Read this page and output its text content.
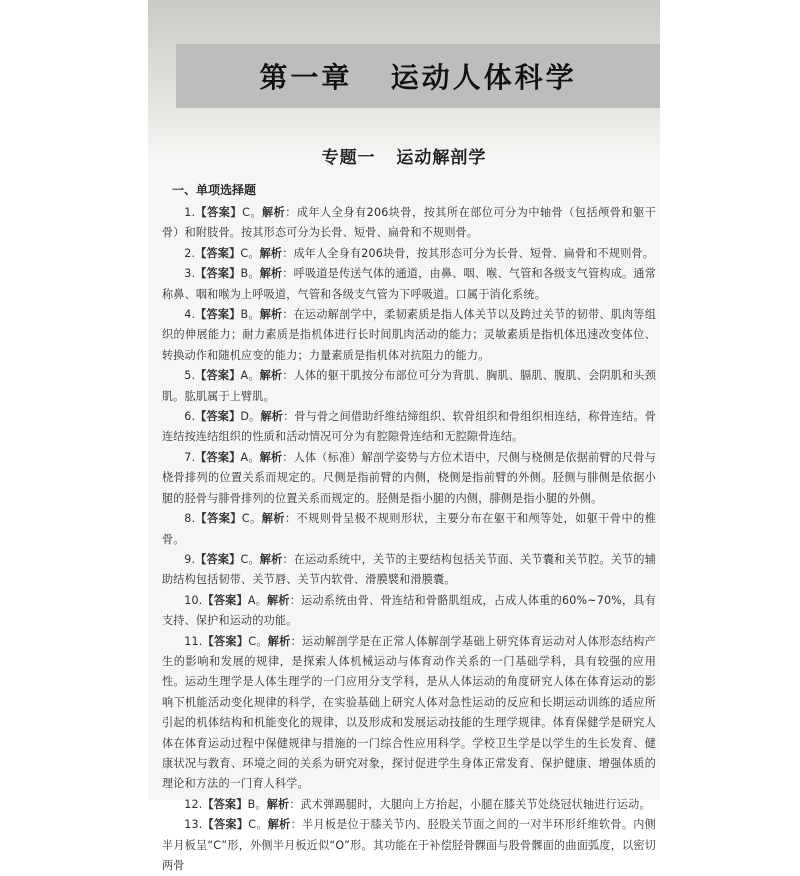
第一章   运动人体科学
专题一   运动解剖学
一、单项选择题

1.【答案】C。解析：成年人全身有206块骨，按其所在部位可分为中轴骨（包括颅骨和躯干骨）和附肢骨。按其形态可分为长骨、短骨、扁骨和不规则骨。

2.【答案】C。解析：成年人全身有206块骨，按其形态可分为长骨、短骨、扁骨和不规则骨。

3.【答案】B。解析：呼吸道是传送气体的通道，由鼻、咽、喉、气管和各级支气管构成。通常称鼻、咽和喉为上呼吸道，气管和各级支气管为下呼吸道。口属于消化系统。

4.【答案】B。解析：在运动解剖学中，柔韧素质是指人体关节以及跨过关节的韧带、肌肉等组织的伸展能力；耐力素质是指机体进行长时间肌肉活动的能力；灵敏素质是指机体迅速改变体位、转换动作和随机应变的能力；力量素质是指机体对抗阻力的能力。

5.【答案】A。解析：人体的躯干肌按分布部位可分为背肌、胸肌、膈肌、腹肌、会阴肌和头颈肌。肱肌属于上臂肌。

6.【答案】D。解析：骨与骨之间借助纤维结缔组织、软骨组织和骨组织相连结，称骨连结。骨连结按连结组织的性质和活动情况可分为有腔隙骨连结和无腔隙骨连结。

7.【答案】A。解析：人体（标准）解剖学姿势与方位术语中，尺侧与桡侧是依据前臂的尺骨与桡骨排列的位置关系而规定的。尺侧是指前臂的内侧，桡侧是指前臂的外侧。胫侧与腓侧是依据小腿的胫骨与腓骨排列的位置关系而规定的。胫侧是指小腿的内侧，腓侧是指小腿的外侧。

8.【答案】C。解析：不规则骨呈极不规则形状，主要分布在躯干和颅等处，如躯干骨中的椎骨。

9.【答案】C。解析：在运动系统中，关节的主要结构包括关节面、关节囊和关节腔。关节的辅助结构包括韧带、关节唇、关节内软骨、滑膜襞和滑膜囊。

10.【答案】A。解析：运动系统由骨、骨连结和骨骼肌组成，占成人体重的60%~70%，具有支持、保护和运动的功能。

11.【答案】C。解析：运动解剖学是在正常人体解剖学基础上研究体育运动对人体形态结构产生的影响和发展的规律，是探索人体机械运动与体育动作关系的一门基础学科，具有较强的应用性。运动生理学是人体生理学的一门应用分支学科，是从人体运动的角度研究人体在体育运动的影响下机能活动变化规律的科学，在实验基础上研究人体对急性运动的反应和长期运动训练的适应所引起的机体结构和机能变化的规律，以及形成和发展运动技能的生理学规律。体育保健学是研究人体在体育运动过程中保健规律与措施的一门综合性应用科学。学校卫生学是以学生的生长发育、健康状况与教育、环境之间的关系为研究对象，探讨促进学生身体正常发育、保护健康、增强体质的理论和方法的一门育人科学。

12.【答案】B。解析：武术弹踢腿时，大腿向上方抬起，小腿在膝关节处绕冠状轴进行运动。

13.【答案】C。解析：半月板是位于膝关节内、胫股关节面之间的一对半环形纤维软骨。内侧半月板呈“C”形，外侧半月板近似“O”形。其功能在于补偿胫骨髁面与股骨髁面的曲面弧度，以密切两骨
